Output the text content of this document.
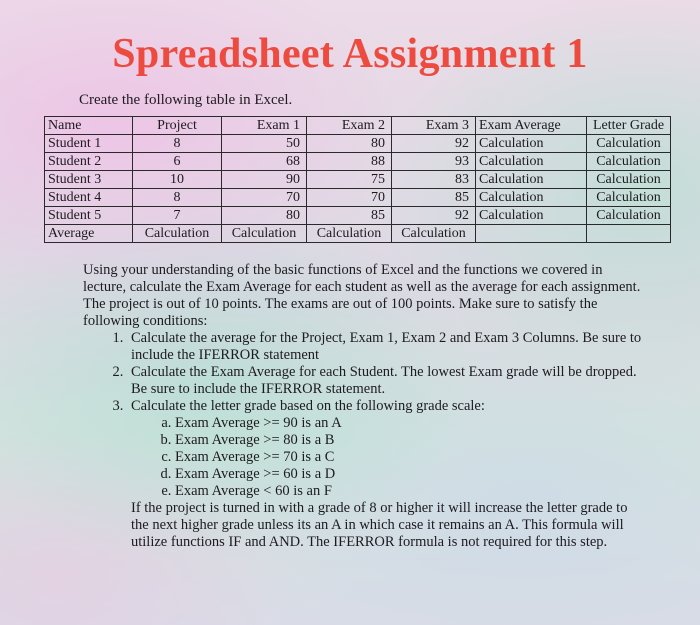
Spreadsheet Assignment 1
Create the following table in Excel.
Name	Project	Exam 1	Exam 2	Exam 3	Exam Average	Letter Grade
Student 1	8	50	80	92	Calculation	Calculation
Student 2	6	68	88	93	Calculation	Calculation
Student 3	10	90	75	83	Calculation	Calculation
Student 4	8	70	70	85	Calculation	Calculation
Student 5	7	80	85	92	Calculation	Calculation
Average	Calculation	Calculation	Calculation	Calculation		

Using your understanding of the basic functions of Excel and the functions we covered in lecture, calculate the Exam Average for each student as well as the average for each assignment. The project is out of 10 points. The exams are out of 100 points. Make sure to satisfy the following conditions:

1. Calculate the average for the Project, Exam 1, Exam 2 and Exam 3 Columns. Be sure to include the IFERROR statement
2. Calculate the Exam Average for each Student. The lowest Exam grade will be dropped. Be sure to include the IFERROR statement.
3. Calculate the letter grade based on the following grade scale:
a. Exam Average >= 90 is an A
b. Exam Average >= 80 is a B
c. Exam Average >= 70 is a C
d. Exam Average >= 60 is a D
e. Exam Average < 60 is an F

If the project is turned in with a grade of 8 or higher it will increase the letter grade to the next higher grade unless its an A in which case it remains an A. This formula will utilize functions IF and AND. The IFERROR formula is not required for this step.
